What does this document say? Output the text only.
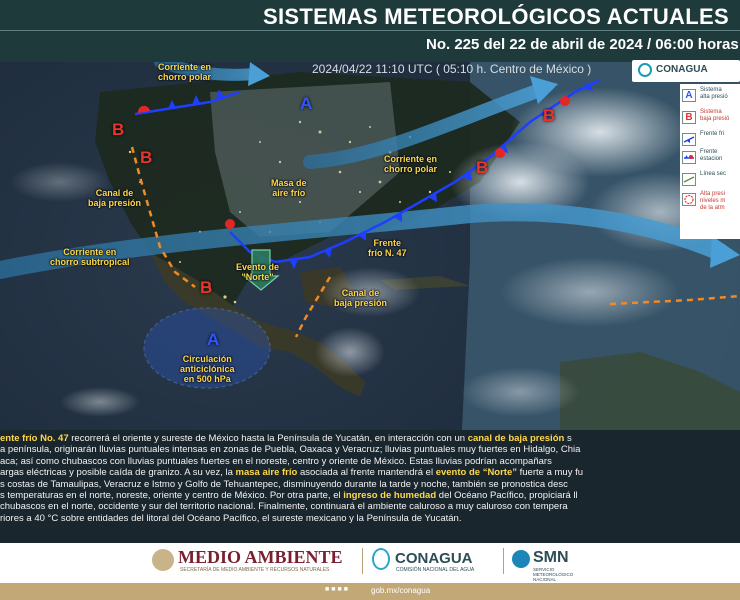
SISTEMAS METEOROLÓGICOS ACTUALES
No. 225 del 22 de abril de 2024 / 06:00 horas
2024/04/22 11:10 UTC ( 05:10 h. Centro de México )
Corriente en
chorro polar
Corriente en
chorro polar
Canal de
baja presión
Masa de
aire frío
Corriente en
chorro subtropical	Evento de
"Norte"
Frente
frío N. 47
Canal de
baja presión
Circulación
anticiclónica
en 500 hPa
A
A
B
B
B
B
B
CONAGUA
A	Sistema
alta presió
B	Sistema
baja presió
Frente fri
Frente
estacion
Línea sec
Alta presi
niveles m
de la atm

ente frío No. 47 recorrerá el oriente y sureste de México hasta la Península de Yucatán, en interacción con un canal de baja presión s
a península, originarán lluvias puntuales intensas en zonas de Puebla, Oaxaca y Veracruz; lluvias puntuales muy fuertes en Hidalgo, Chia
aca; así como chubascos con lluvias puntuales fuertes en el noreste, centro y oriente de México. Estas lluvias podrían acompañars
argas eléctricas y posible caída de granizo. A su vez, la masa aire frío asociada al frente mantendrá el evento de “Norte” fuerte a muy fu
s costas de Tamaulipas, Veracruz e Istmo y Golfo de Tehuantepec, disminuyendo durante la tarde y noche, también se pronostica desc
s temperaturas en el norte, noreste, oriente y centro de México. Por otra parte, el ingreso de humedad del Océano Pacífico, propiciará ll
chubascos en el norte, occidente y sur del territorio nacional. Finalmente, continuará el ambiente caluroso a muy caluroso con tempera
riores a 40 °C sobre entidades del litoral del Océano Pacífico, el sureste mexicano y la Península de Yucatán.

MEDIO AMBIENTE
SECRETARÍA DE MEDIO AMBIENTE Y RECURSOS NATURALES
CONAGUA
COMISIÓN NACIONAL DEL AGUA
SMN
SERVICIO
METEOROLÓGICO
NACIONAL
■■■■	gob.mx/conagua
